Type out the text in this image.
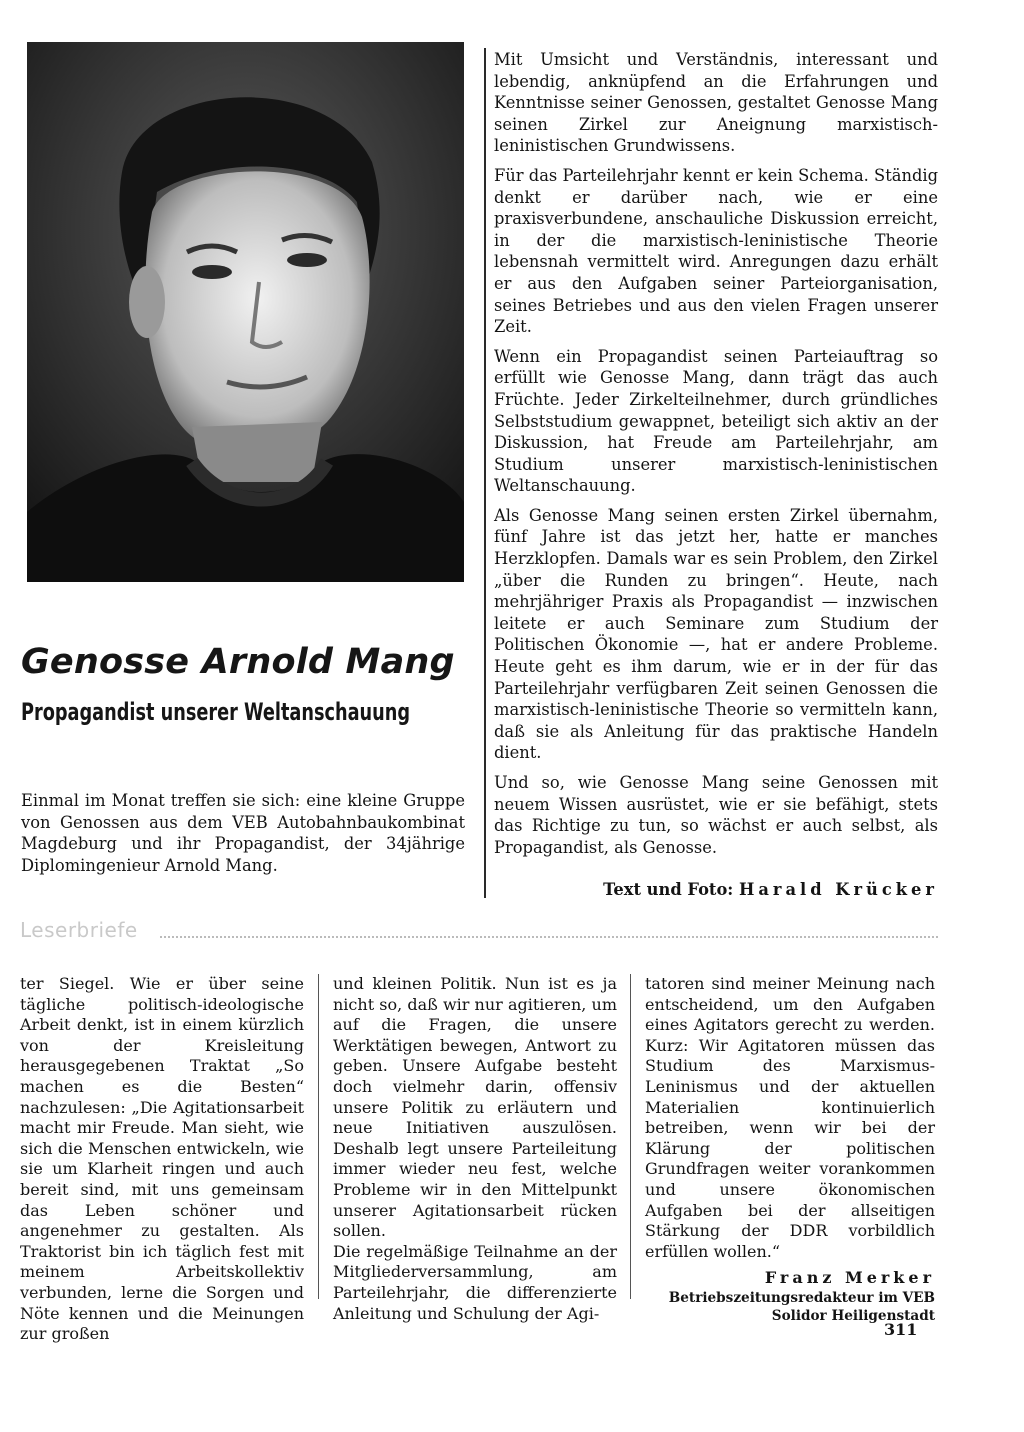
Genosse Arnold Mang
Propagandist unserer Weltanschauung
Einmal im Monat treffen sie sich: eine kleine Gruppe von Genossen aus dem VEB Autobahnbaukombinat Magdeburg und ihr Propagandist, der 34jährige Diplomingenieur Arnold Mang.

Mit Umsicht und Verständnis, interessant und lebendig, anknüpfend an die Erfahrungen und Kenntnisse seiner Genossen, gestaltet Genosse Mang seinen Zirkel zur Aneignung marxistisch-leninistischen Grundwissens.

Für das Parteilehrjahr kennt er kein Schema. Ständig denkt er darüber nach, wie er eine praxisverbundene, anschauliche Diskussion erreicht, in der die marxistisch-leninistische Theorie lebensnah vermittelt wird. Anregungen dazu erhält er aus den Aufgaben seiner Parteiorganisation, seines Betriebes und aus den vielen Fragen unserer Zeit.

Wenn ein Propagandist seinen Parteiauftrag so erfüllt wie Genosse Mang, dann trägt das auch Früchte. Jeder Zirkelteilnehmer, durch gründliches Selbststudium gewappnet, beteiligt sich aktiv an der Diskussion, hat Freude am Parteilehrjahr, am Studium unserer marxistisch-leninistischen Weltanschauung.

Als Genosse Mang seinen ersten Zirkel übernahm, fünf Jahre ist das jetzt her, hatte er manches Herzklopfen. Damals war es sein Problem, den Zirkel „über die Runden zu bringen“. Heute, nach mehrjähriger Praxis als Propagandist — inzwischen leitete er auch Seminare zum Studium der Politischen Ökonomie —, hat er andere Probleme. Heute geht es ihm darum, wie er in der für das Parteilehrjahr verfügbaren Zeit seinen Genossen die marxistisch-leninistische Theorie so vermitteln kann, daß sie als Anleitung für das praktische Handeln dient.

Und so, wie Genosse Mang seine Genossen mit neuem Wissen ausrüstet, wie er sie befähigt, stets das Richtige zu tun, so wächst er auch selbst, als Propagandist, als Genosse.

Text und Foto: Harald Krücker
Leserbriefe

ter Siegel. Wie er über seine tägliche politisch-ideologische Arbeit denkt, ist in einem kürzlich von der Kreisleitung herausgegebenen Traktat „So machen es die Besten“ nachzulesen: „Die Agitationsarbeit macht mir Freude. Man sieht, wie sich die Menschen entwickeln, wie sie um Klarheit ringen und auch bereit sind, mit uns gemeinsam das Leben schöner und angenehmer zu gestalten. Als Traktorist bin ich täglich fest mit meinem Arbeitskollektiv verbunden, lerne die Sorgen und Nöte kennen und die Meinungen zur großen

und kleinen Politik. Nun ist es ja nicht so, daß wir nur agitieren, um auf die Fragen, die unsere Werktätigen bewegen, Antwort zu geben. Unsere Aufgabe besteht doch vielmehr darin, offensiv unsere Politik zu erläutern und neue Initiativen auszulösen. Deshalb legt unsere Parteileitung immer wieder neu fest, welche Probleme wir in den Mittelpunkt unserer Agitationsarbeit rücken sollen.

Die regelmäßige Teilnahme an der Mitgliederversammlung, am Parteilehrjahr, die differenzierte Anleitung und Schulung der Agi-

tatoren sind meiner Meinung nach entscheidend, um den Aufgaben eines Agitators gerecht zu werden. Kurz: Wir Agitatoren müssen das Studium des Marxismus-Leninismus und der aktuellen Materialien kontinuierlich betreiben, wenn wir bei der Klärung der politischen Grundfragen weiter vorankommen und unsere ökonomischen Aufgaben bei der allseitigen Stärkung der DDR vorbildlich erfüllen wollen.“

Franz Merker

Betriebszeitungsredakteur im VEB

Solidor Heiligenstadt

311
